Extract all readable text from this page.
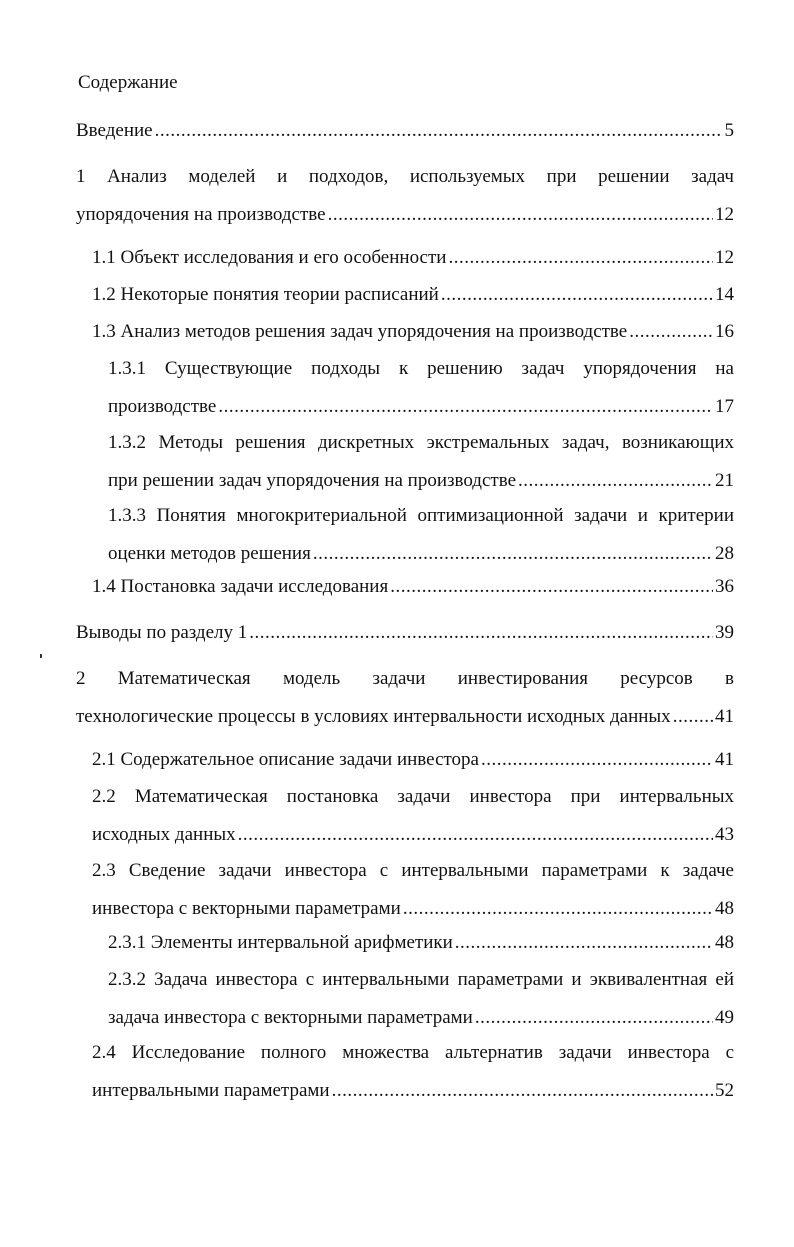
Содержание
Введение .....	5
1 Анализ моделей и подходов, используемых при решении задач
упорядочения на производстве .....	12
1.1 Объект исследования и его особенности .....	12
1.2 Некоторые понятия теории расписаний .....	14
1.3 Анализ методов решения задач упорядочения на производстве .....	16
1.3.1 Существующие подходы к решению задач упорядочения на
производстве .....	17
1.3.2 Методы решения дискретных экстремальных задач, возникающих
при решении задач упорядочения на производстве .....	21
1.3.3 Понятия многокритериальной оптимизационной задачи и критерии
оценки методов решения .....	28
1.4 Постановка задачи исследования .....	36
Выводы по разделу 1 .....	39
2 Математическая модель задачи инвестирования ресурсов в
технологические процессы в условиях интервальности исходных данных ..... 41
2.1 Содержательное описание задачи инвестора .....	41
2.2 Математическая постановка задачи инвестора при интервальных
исходных данных .....	43
2.3 Сведение задачи инвестора с интервальными параметрами к задаче
инвестора с векторными параметрами .....	48
2.3.1 Элементы интервальной арифметики .....	48
2.3.2 Задача инвестора с интервальными параметрами и эквивалентная ей
задача инвестора с векторными параметрами .....	49
2.4 Исследование полного множества альтернатив задачи инвестора с
интервальными параметрами .....	52
